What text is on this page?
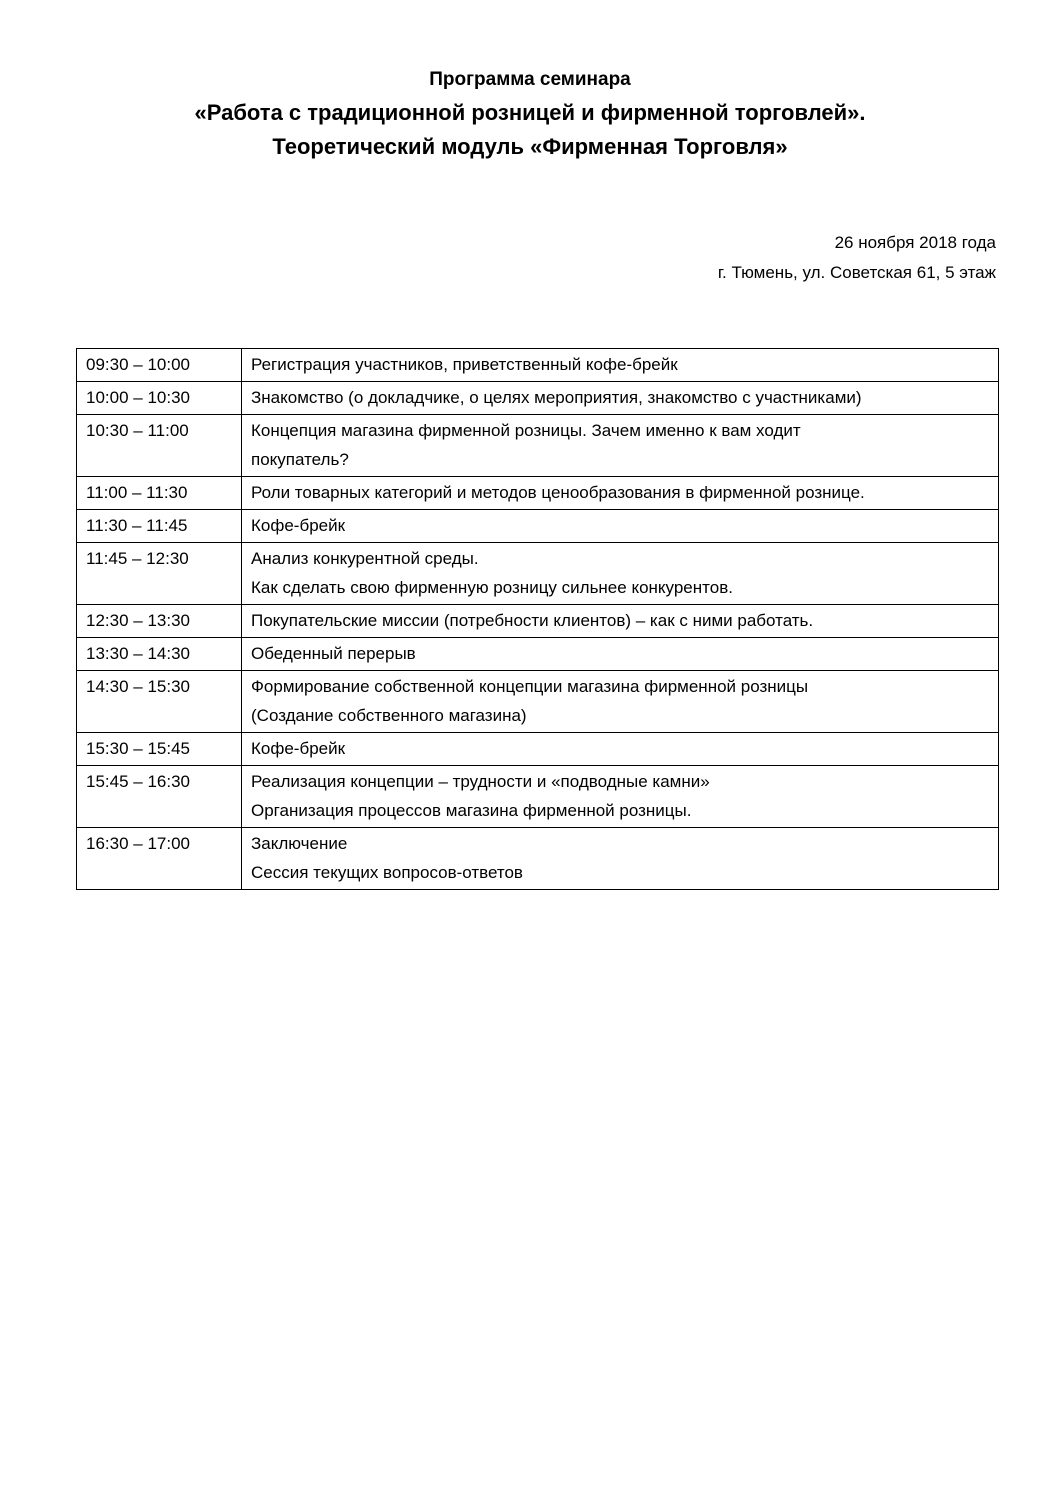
Программа семинара
«Работа с традиционной розницей и фирменной торговлей».
Теоретический модуль «Фирменная Торговля»
26 ноября 2018 года
г. Тюмень, ул. Советская 61, 5 этаж
09:30 – 10:00	Регистрация участников, приветственный кофе-брейк

10:00 – 10:30	Знакомство (о докладчике, о целях мероприятия, знакомство с участниками)

10:30 – 11:00	Концепция магазина фирменной розницы. Зачем именно к вам ходит
покупатель?

11:00 – 11:30	Роли товарных категорий и методов ценообразования в фирменной рознице.

11:30 – 11:45	Кофе-брейк

11:45 – 12:30	Анализ конкурентной среды.
Как сделать свою фирменную розницу сильнее конкурентов.

12:30 – 13:30	Покупательские миссии (потребности клиентов) – как с ними работать.

13:30 – 14:30	Обеденный перерыв

14:30 – 15:30	Формирование собственной концепции магазина фирменной розницы
(Создание собственного магазина)

15:30 – 15:45	Кофе-брейк

15:45 – 16:30	Реализация концепции – трудности и «подводные камни»
Организация процессов магазина фирменной розницы.

16:30 – 17:00	Заключение
Сессия текущих вопросов-ответов
